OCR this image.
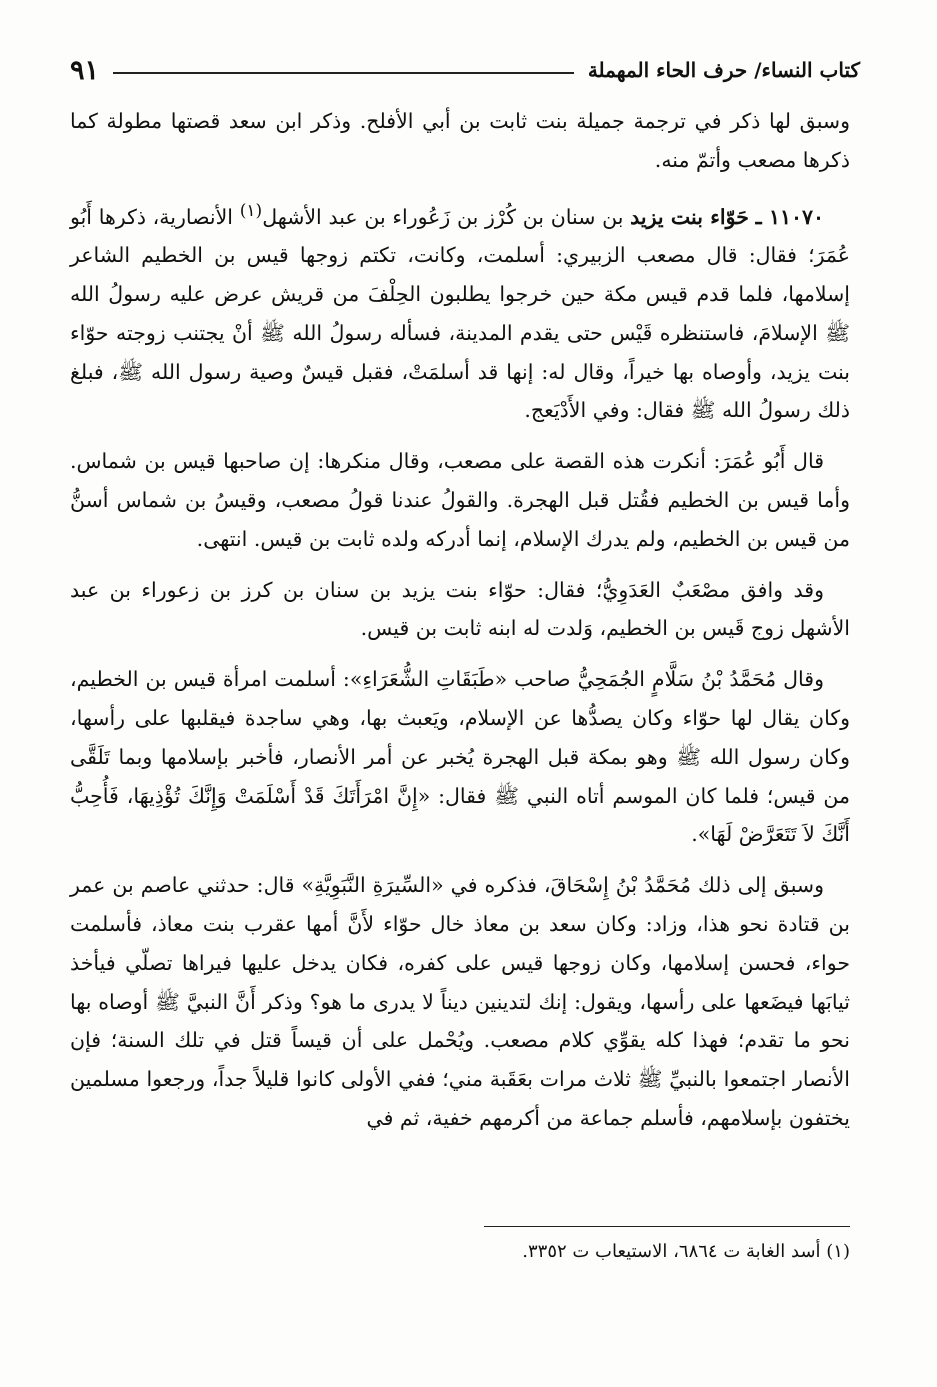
كتاب النساء/ حرف الحاء المهملة
٩١

وسبق لها ذكر في ترجمة جميلة بنت ثابت بن أبي الأفلح. وذكر ابن سعد قصتها مطولة كما ذكرها مصعب وأتمّ منه.

١١٠٧٠ ـ حَوّاء بنت يزيد بن سنان بن كُرْز بن زَعُوراء بن عبد الأشهل$^{(١)}$ الأنصارية، ذكرها أَبُو عُمَرَ؛ فقال: قال مصعب الزبيري: أسلمت، وكانت، تكتم زوجها قيس بن الخطيم الشاعر إسلامها، فلما قدم قيس مكة حين خرجوا يطلبون الحِلْفَ من قريش عرض عليه رسولُ الله ﷺ الإسلامَ، فاستنظره قَيْس حتى يقدم المدينة، فسأله رسولُ الله ﷺ أنْ يجتنب زوجته حوّاء بنت يزيد، وأوصاه بها خيراً، وقال له: إنها قد أسلمَتْ، فقبل قيسٌ وصية رسول الله ﷺ، فبلغ ذلك رسولُ الله ﷺ فقال: وفي الأَدْيَعج.

قال أَبُو عُمَرَ: أنكرت هذه القصة على مصعب، وقال منكرها: إن صاحبها قيس بن شماس. وأما قيس بن الخطيم فقُتل قبل الهجرة. والقولُ عندنا قولُ مصعب، وقيسُ بن شماس أسنُّ من قيس بن الخطيم، ولم يدرك الإسلام، إنما أدركه ولده ثابت بن قيس. انتهى.

وقد وافق مصْعَبٌ العَدَوِيُّ؛ فقال: حوّاء بنت يزيد بن سنان بن كرز بن زعوراء بن عبد الأشهل زوج قَيس بن الخطيم، وَلدت له ابنه ثابت بن قيس.

وقال مُحَمَّدُ بْنُ سَلَّامٍ الجُمَحِيُّ صاحب «طَبَقَاتِ الشُّعَرَاءِ»: أسلمت امرأة قيس بن الخطيم، وكان يقال لها حوّاء وكان يصدُّها عن الإسلام، ويَعبث بها، وهي ساجدة فيقلبها على رأسها، وكان رسول الله ﷺ وهو بمكة قبل الهجرة يُخبر عن أمر الأنصار، فأخبر بإسلامها وبما تَلَقَّى من قيس؛ فلما كان الموسم أتاه النبي ﷺ فقال: «إِنَّ امْرَأَتَكَ قَدْ أَسْلَمَتْ وَإِنَّكَ تُؤْذِيهَا، فَأُحِبُّ أَنَّكَ لاَ تَتَعَرَّضْ لَهَا».

وسبق إلى ذلك مُحَمَّدُ بْنُ إِسْحَاقَ، فذكره في «السِّيرَةِ النَّبَوِيَّةِ» قال: حدثني عاصم بن عمر بن قتادة نحو هذا، وزاد: وكان سعد بن معاذ خال حوّاء لأَنَّ أمها عقرب بنت معاذ، فأسلمت حواء، فحسن إسلامها، وكان زوجها قيس على كفره، فكان يدخل عليها فيراها تصلّي فيأخذ ثيابَها فيضَعها على رأسها، ويقول: إنك لتدينين ديناً لا يدرى ما هو؟ وذكر أَنَّ النبيَّ ﷺ أوصاه بها نحو ما تقدم؛ فهذا كله يقوِّي كلام مصعب. ويُحْمل على أن قيساً قتل في تلك السنة؛ فإن الأنصار اجتمعوا بالنبيِّ ﷺ ثلاث مرات بعَقَبة مني؛ ففي الأولى كانوا قليلاً جداً، ورجعوا مسلمين يختفون بإسلامهم، فأسلم جماعة من أكرمهم خفية، ثم في

(١) أسد الغابة ت ٦٨٦٤، الاستيعاب ت ٣٣٥٢.
